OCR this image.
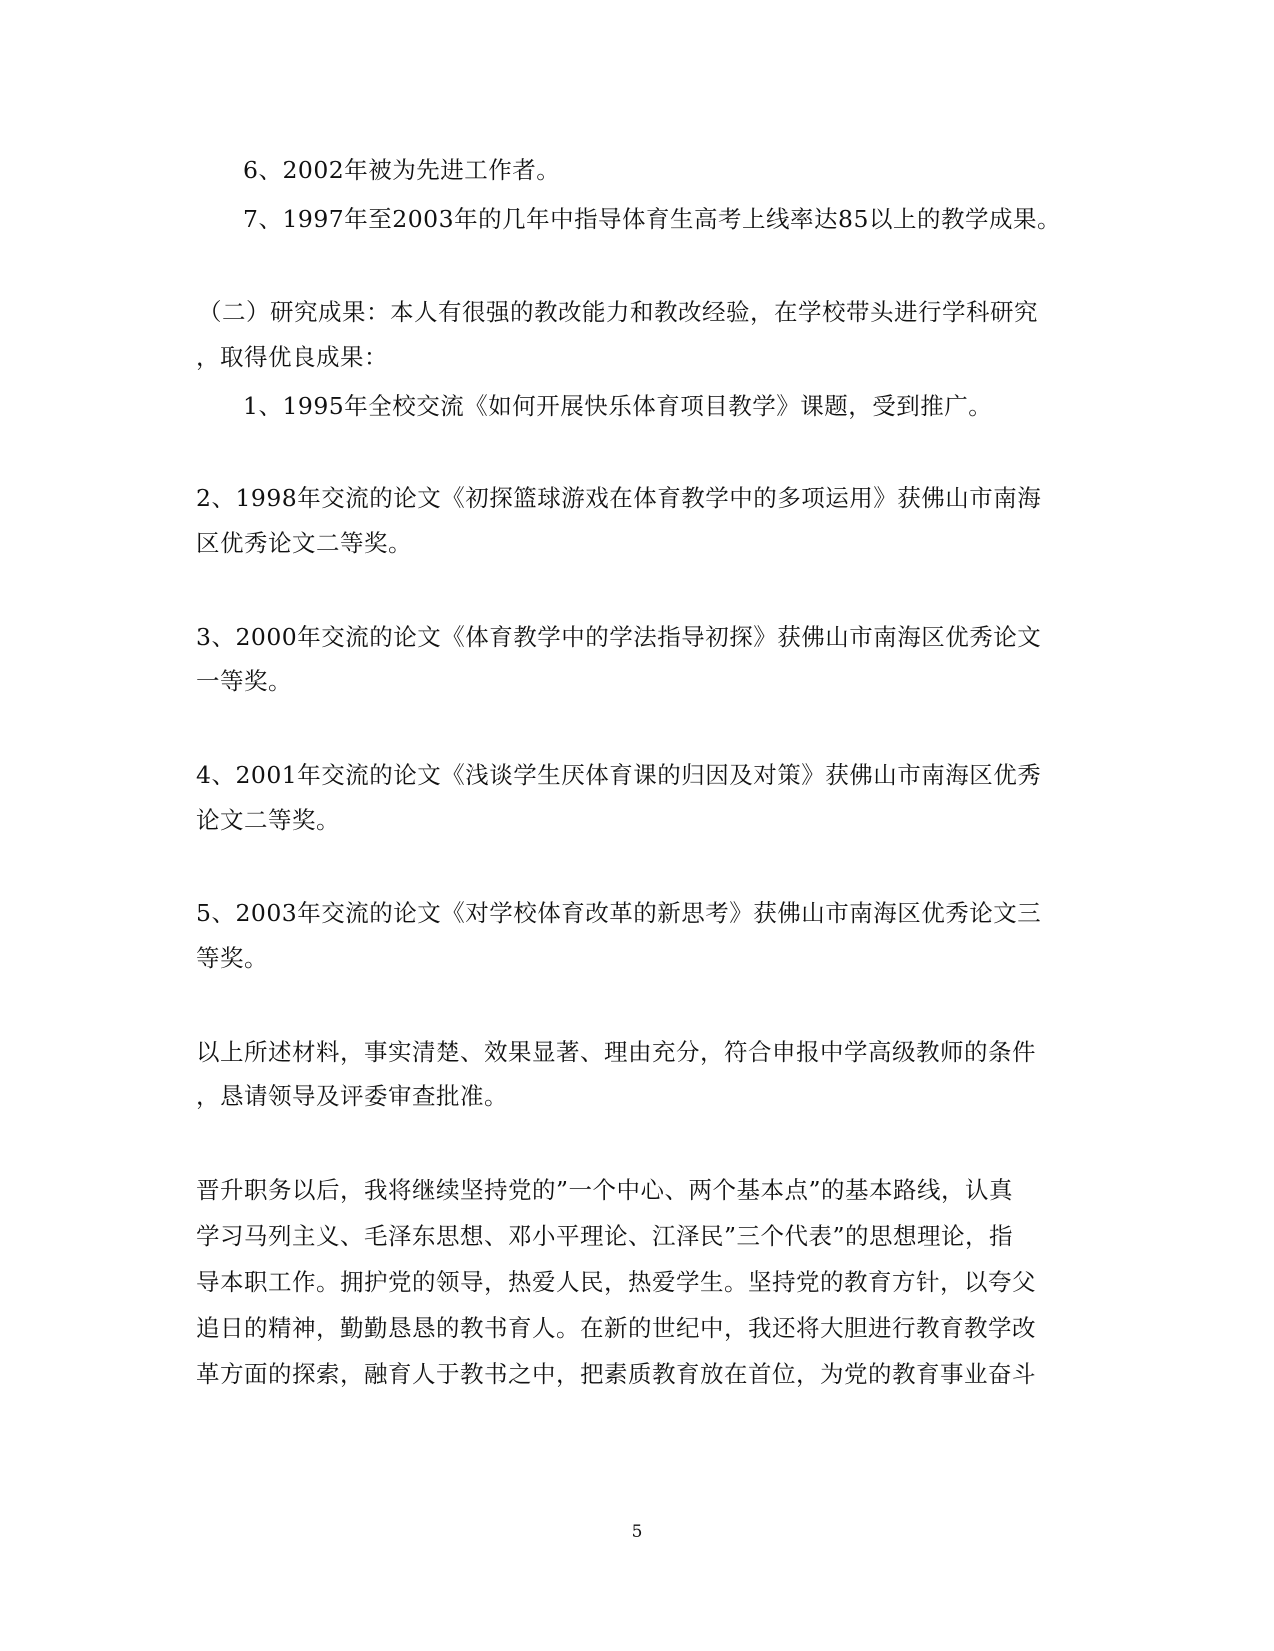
6、2002年被为先进工作者。
7、1997年至2003年的几年中指导体育生高考上线率达85以上的教学成果。
（二）研究成果：本人有很强的教改能力和教改经验，在学校带头进行学科研究
，取得优良成果：
1、1995年全校交流《如何开展快乐体育项目教学》课题，受到推广。
2、1998年交流的论文《初探篮球游戏在体育教学中的多项运用》获佛山市南海
区优秀论文二等奖。
3、2000年交流的论文《体育教学中的学法指导初探》获佛山市南海区优秀论文
一等奖。
4、2001年交流的论文《浅谈学生厌体育课的归因及对策》获佛山市南海区优秀
论文二等奖。
5、2003年交流的论文《对学校体育改革的新思考》获佛山市南海区优秀论文三
等奖。
以上所述材料，事实清楚、效果显著、理由充分，符合申报中学高级教师的条件
，恳请领导及评委审查批准。
晋升职务以后，我将继续坚持党的”一个中心、两个基本点”的基本路线，认真
学习马列主义、毛泽东思想、邓小平理论、江泽民”三个代表”的思想理论，指
导本职工作。拥护党的领导，热爱人民，热爱学生。坚持党的教育方针，以夸父
追日的精神，勤勤恳恳的教书育人。在新的世纪中，我还将大胆进行教育教学改
革方面的探索，融育人于教书之中，把素质教育放在首位，为党的教育事业奋斗
5
